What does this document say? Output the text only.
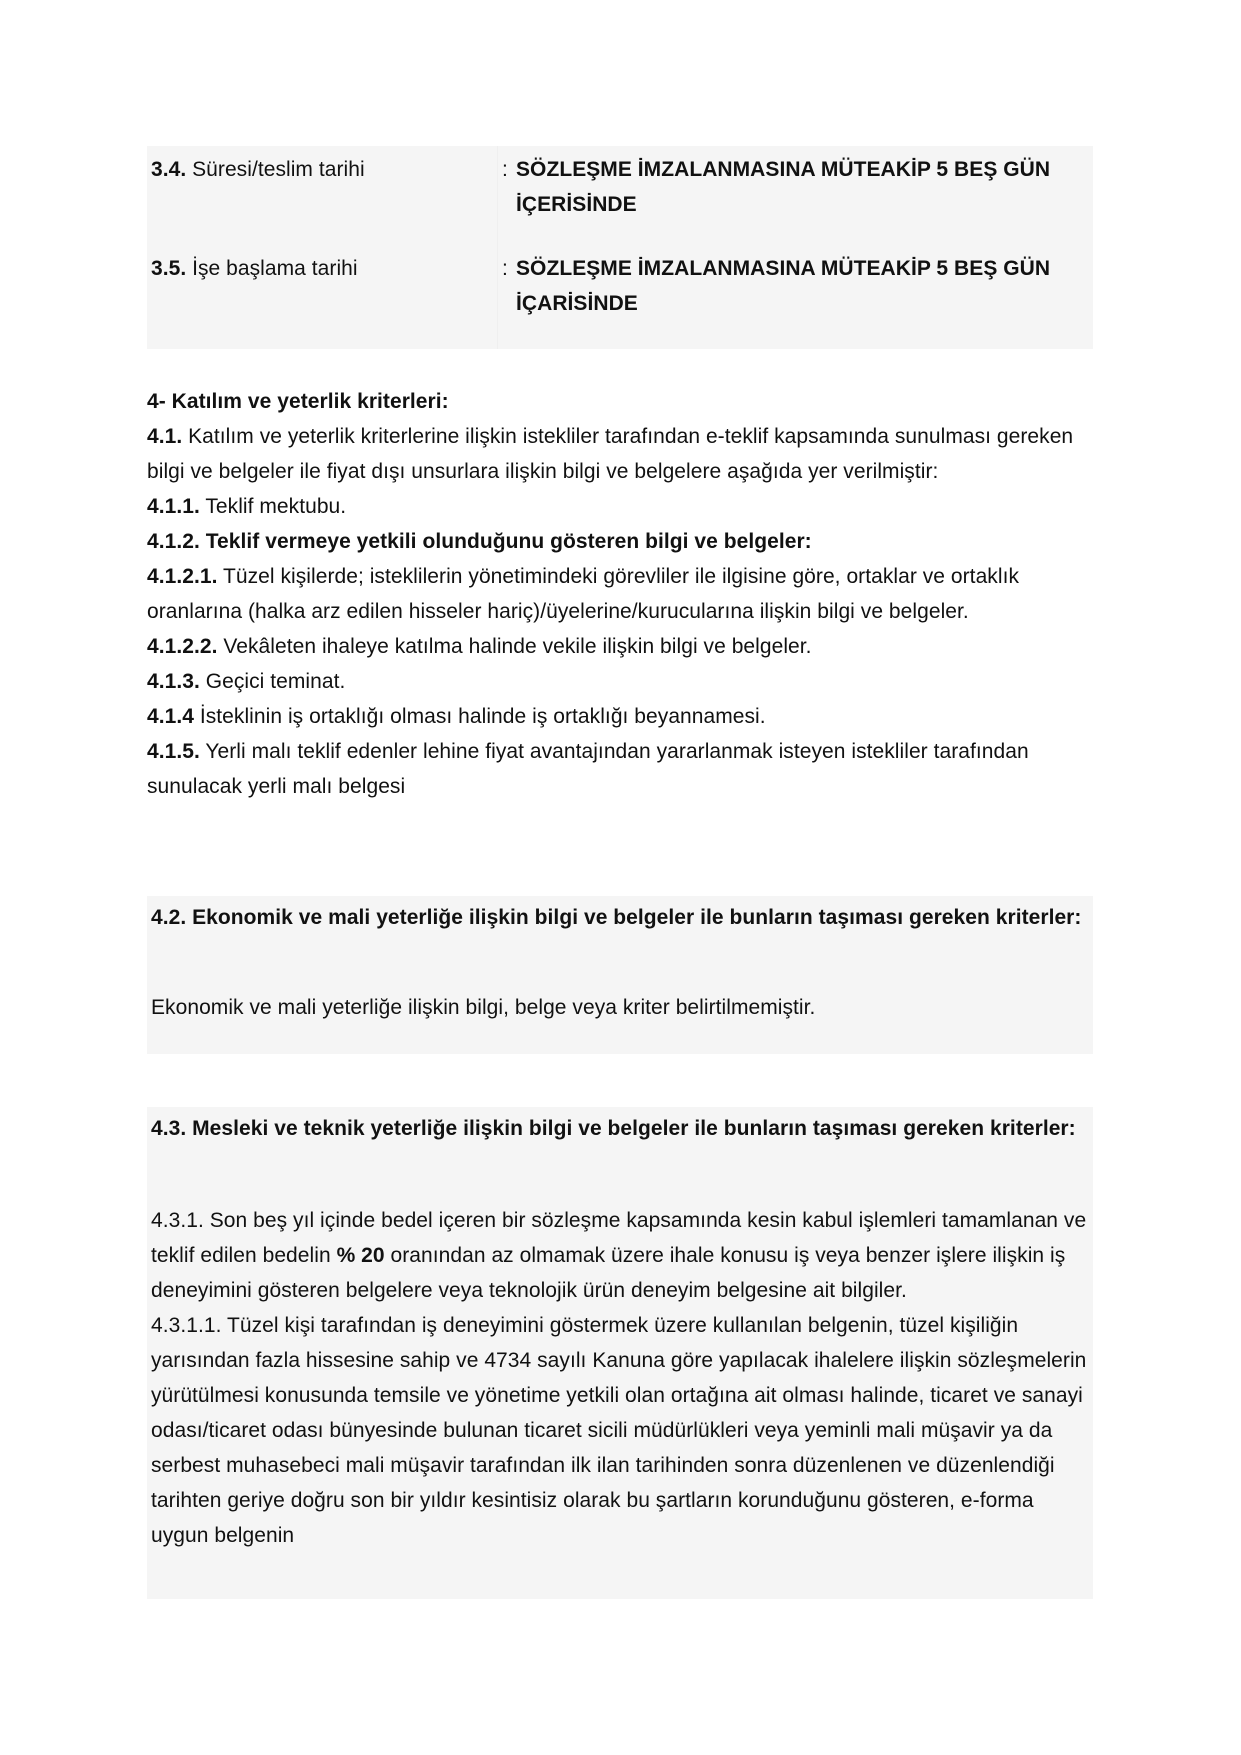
3.4. Süresi/teslim tarihi	: SÖZLEŞME İMZALANMASINA MÜTEAKİP 5 BEŞ GÜN İÇERİSİNDE
3.5. İşe başlama tarihi	: SÖZLEŞME İMZALANMASINA MÜTEAKİP 5 BEŞ GÜN İÇARİSİNDE

4- Katılım ve yeterlik kriterleri:

4.1. Katılım ve yeterlik kriterlerine ilişkin istekliler tarafından e-teklif kapsamında sunulması gereken bilgi ve belgeler ile fiyat dışı unsurlara ilişkin bilgi ve belgelere aşağıda yer verilmiştir:

4.1.1. Teklif mektubu.

4.1.2. Teklif vermeye yetkili olunduğunu gösteren bilgi ve belgeler:

4.1.2.1. Tüzel kişilerde; isteklilerin yönetimindeki görevliler ile ilgisine göre, ortaklar ve ortaklık oranlarına (halka arz edilen hisseler hariç)/üyelerine/kurucularına ilişkin bilgi ve belgeler.

4.1.2.2. Vekâleten ihaleye katılma halinde vekile ilişkin bilgi ve belgeler.

4.1.3. Geçici teminat.

4.1.4 İsteklinin iş ortaklığı olması halinde iş ortaklığı beyannamesi.

4.1.5. Yerli malı teklif edenler lehine fiyat avantajından yararlanmak isteyen istekliler tarafından sunulacak yerli malı belgesi

4.2. Ekonomik ve mali yeterliğe ilişkin bilgi ve belgeler ile bunların taşıması gereken kriterler:

Ekonomik ve mali yeterliğe ilişkin bilgi, belge veya kriter belirtilmemiştir.

4.3. Mesleki ve teknik yeterliğe ilişkin bilgi ve belgeler ile bunların taşıması gereken kriterler:

4.3.1. Son beş yıl içinde bedel içeren bir sözleşme kapsamında kesin kabul işlemleri tamamlanan ve teklif edilen bedelin % 20 oranından az olmamak üzere ihale konusu iş veya benzer işlere ilişkin iş deneyimini gösteren belgelere veya teknolojik ürün deneyim belgesine ait bilgiler.

4.3.1.1. Tüzel kişi tarafından iş deneyimini göstermek üzere kullanılan belgenin, tüzel kişiliğin yarısından fazla hissesine sahip ve 4734 sayılı Kanuna göre yapılacak ihalelere ilişkin sözleşmelerin yürütülmesi konusunda temsile ve yönetime yetkili olan ortağına ait olması halinde, ticaret ve sanayi odası/ticaret odası bünyesinde bulunan ticaret sicili müdürlükleri veya yeminli mali müşavir ya da serbest muhasebeci mali müşavir tarafından ilk ilan tarihinden sonra düzenlenen ve düzenlendiği tarihten geriye doğru son bir yıldır kesintisiz olarak bu şartların korunduğunu gösteren, e-forma uygun belgenin
